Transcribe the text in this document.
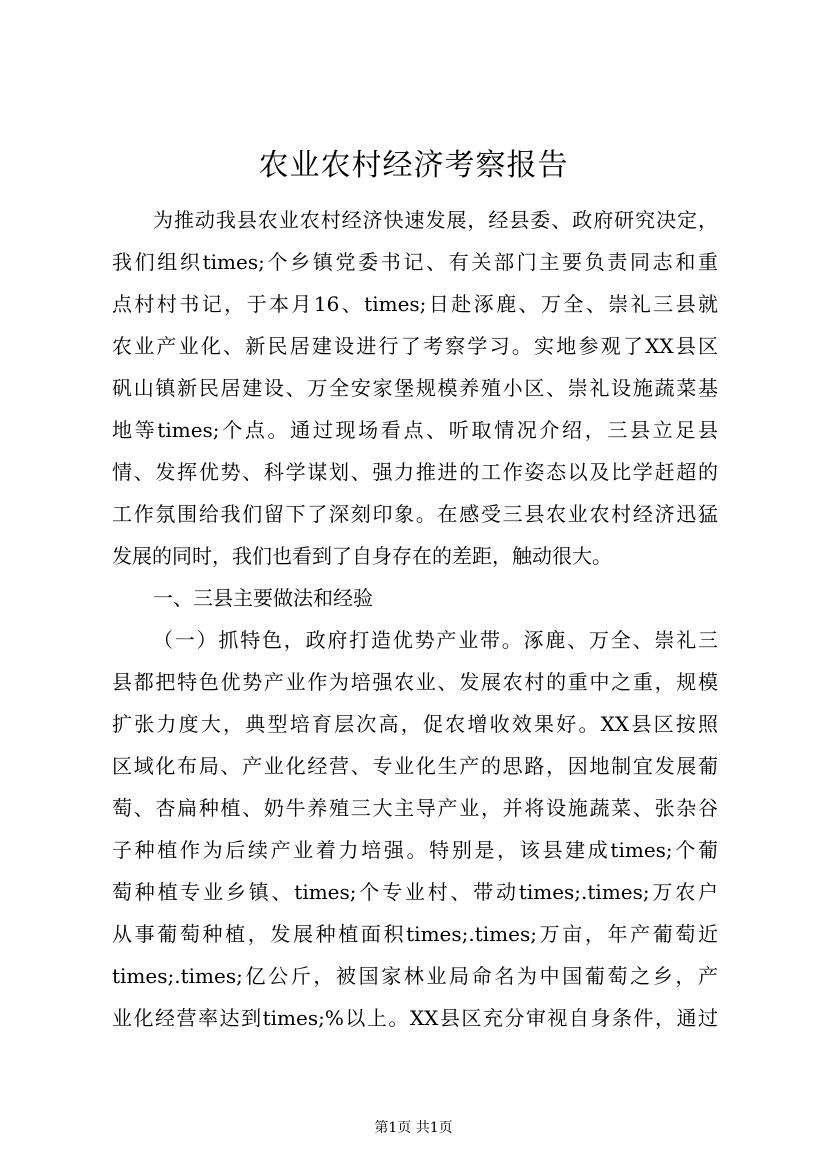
农业农村经济考察报告
为推动我县农业农村经济快速发展，经县委、政府研究决定，
我们组织times;个乡镇党委书记、有关部门主要负责同志和重
点村村书记，于本月16、times;日赴涿鹿、万全、崇礼三县就
农业产业化、新民居建设进行了考察学习。实地参观了XX县区
矾山镇新民居建设、万全安家堡规模养殖小区、崇礼设施蔬菜基
地等times;个点。通过现场看点、听取情况介绍，三县立足县
情、发挥优势、科学谋划、强力推进的工作姿态以及比学赶超的
工作氛围给我们留下了深刻印象。在感受三县农业农村经济迅猛
发展的同时，我们也看到了自身存在的差距，触动很大。
一、三县主要做法和经验
（一）抓特色，政府打造优势产业带。涿鹿、万全、崇礼三
县都把特色优势产业作为培强农业、发展农村的重中之重，规模
扩张力度大，典型培育层次高，促农增收效果好。XX县区按照
区域化布局、产业化经营、专业化生产的思路，因地制宜发展葡
萄、杏扁种植、奶牛养殖三大主导产业，并将设施蔬菜、张杂谷
子种植作为后续产业着力培强。特别是，该县建成times;个葡
萄种植专业乡镇、times;个专业村、带动times;.times;万农户
从事葡萄种植，发展种植面积times;.times;万亩，年产葡萄近
times;.times;亿公斤，被国家林业局命名为中国葡萄之乡，产
业化经营率达到times;%以上。XX县区充分审视自身条件，通过
第1页 共1页
